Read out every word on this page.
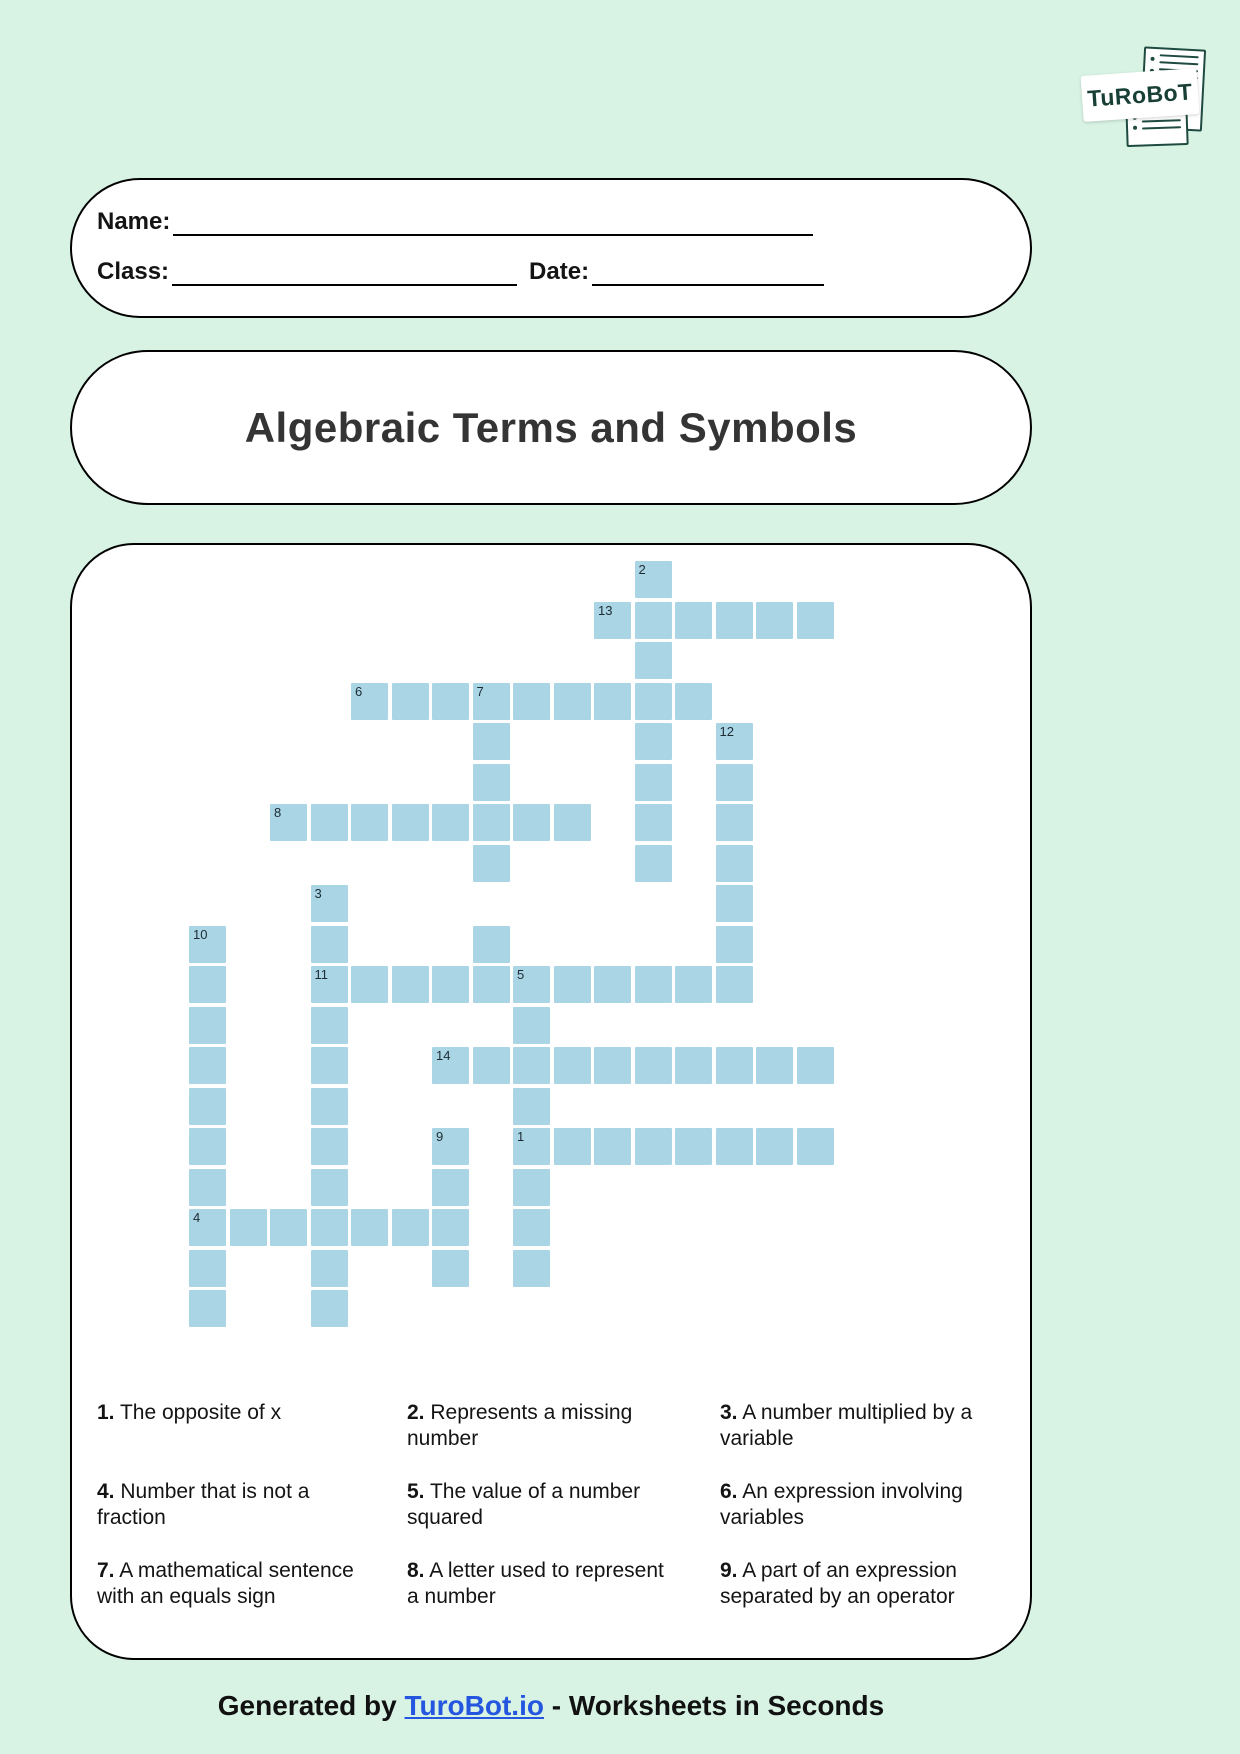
TuRoBoT
Name:
Class:	Date:
Algebraic Terms and Symbols
2
13
6	7
12
8
3
10
11	5
14
9	1
4
1. The opposite of x	2. Represents a missing number
3. A number multiplied by a variable
4. Number that is not a fraction
5. The value of a number squared
6. An expression involving variables
7. A mathematical sentence with an equals sign
8. A letter used to represent a number
9. A part of an expression separated by an operator
Generated by TuroBot.io - Worksheets in Seconds
